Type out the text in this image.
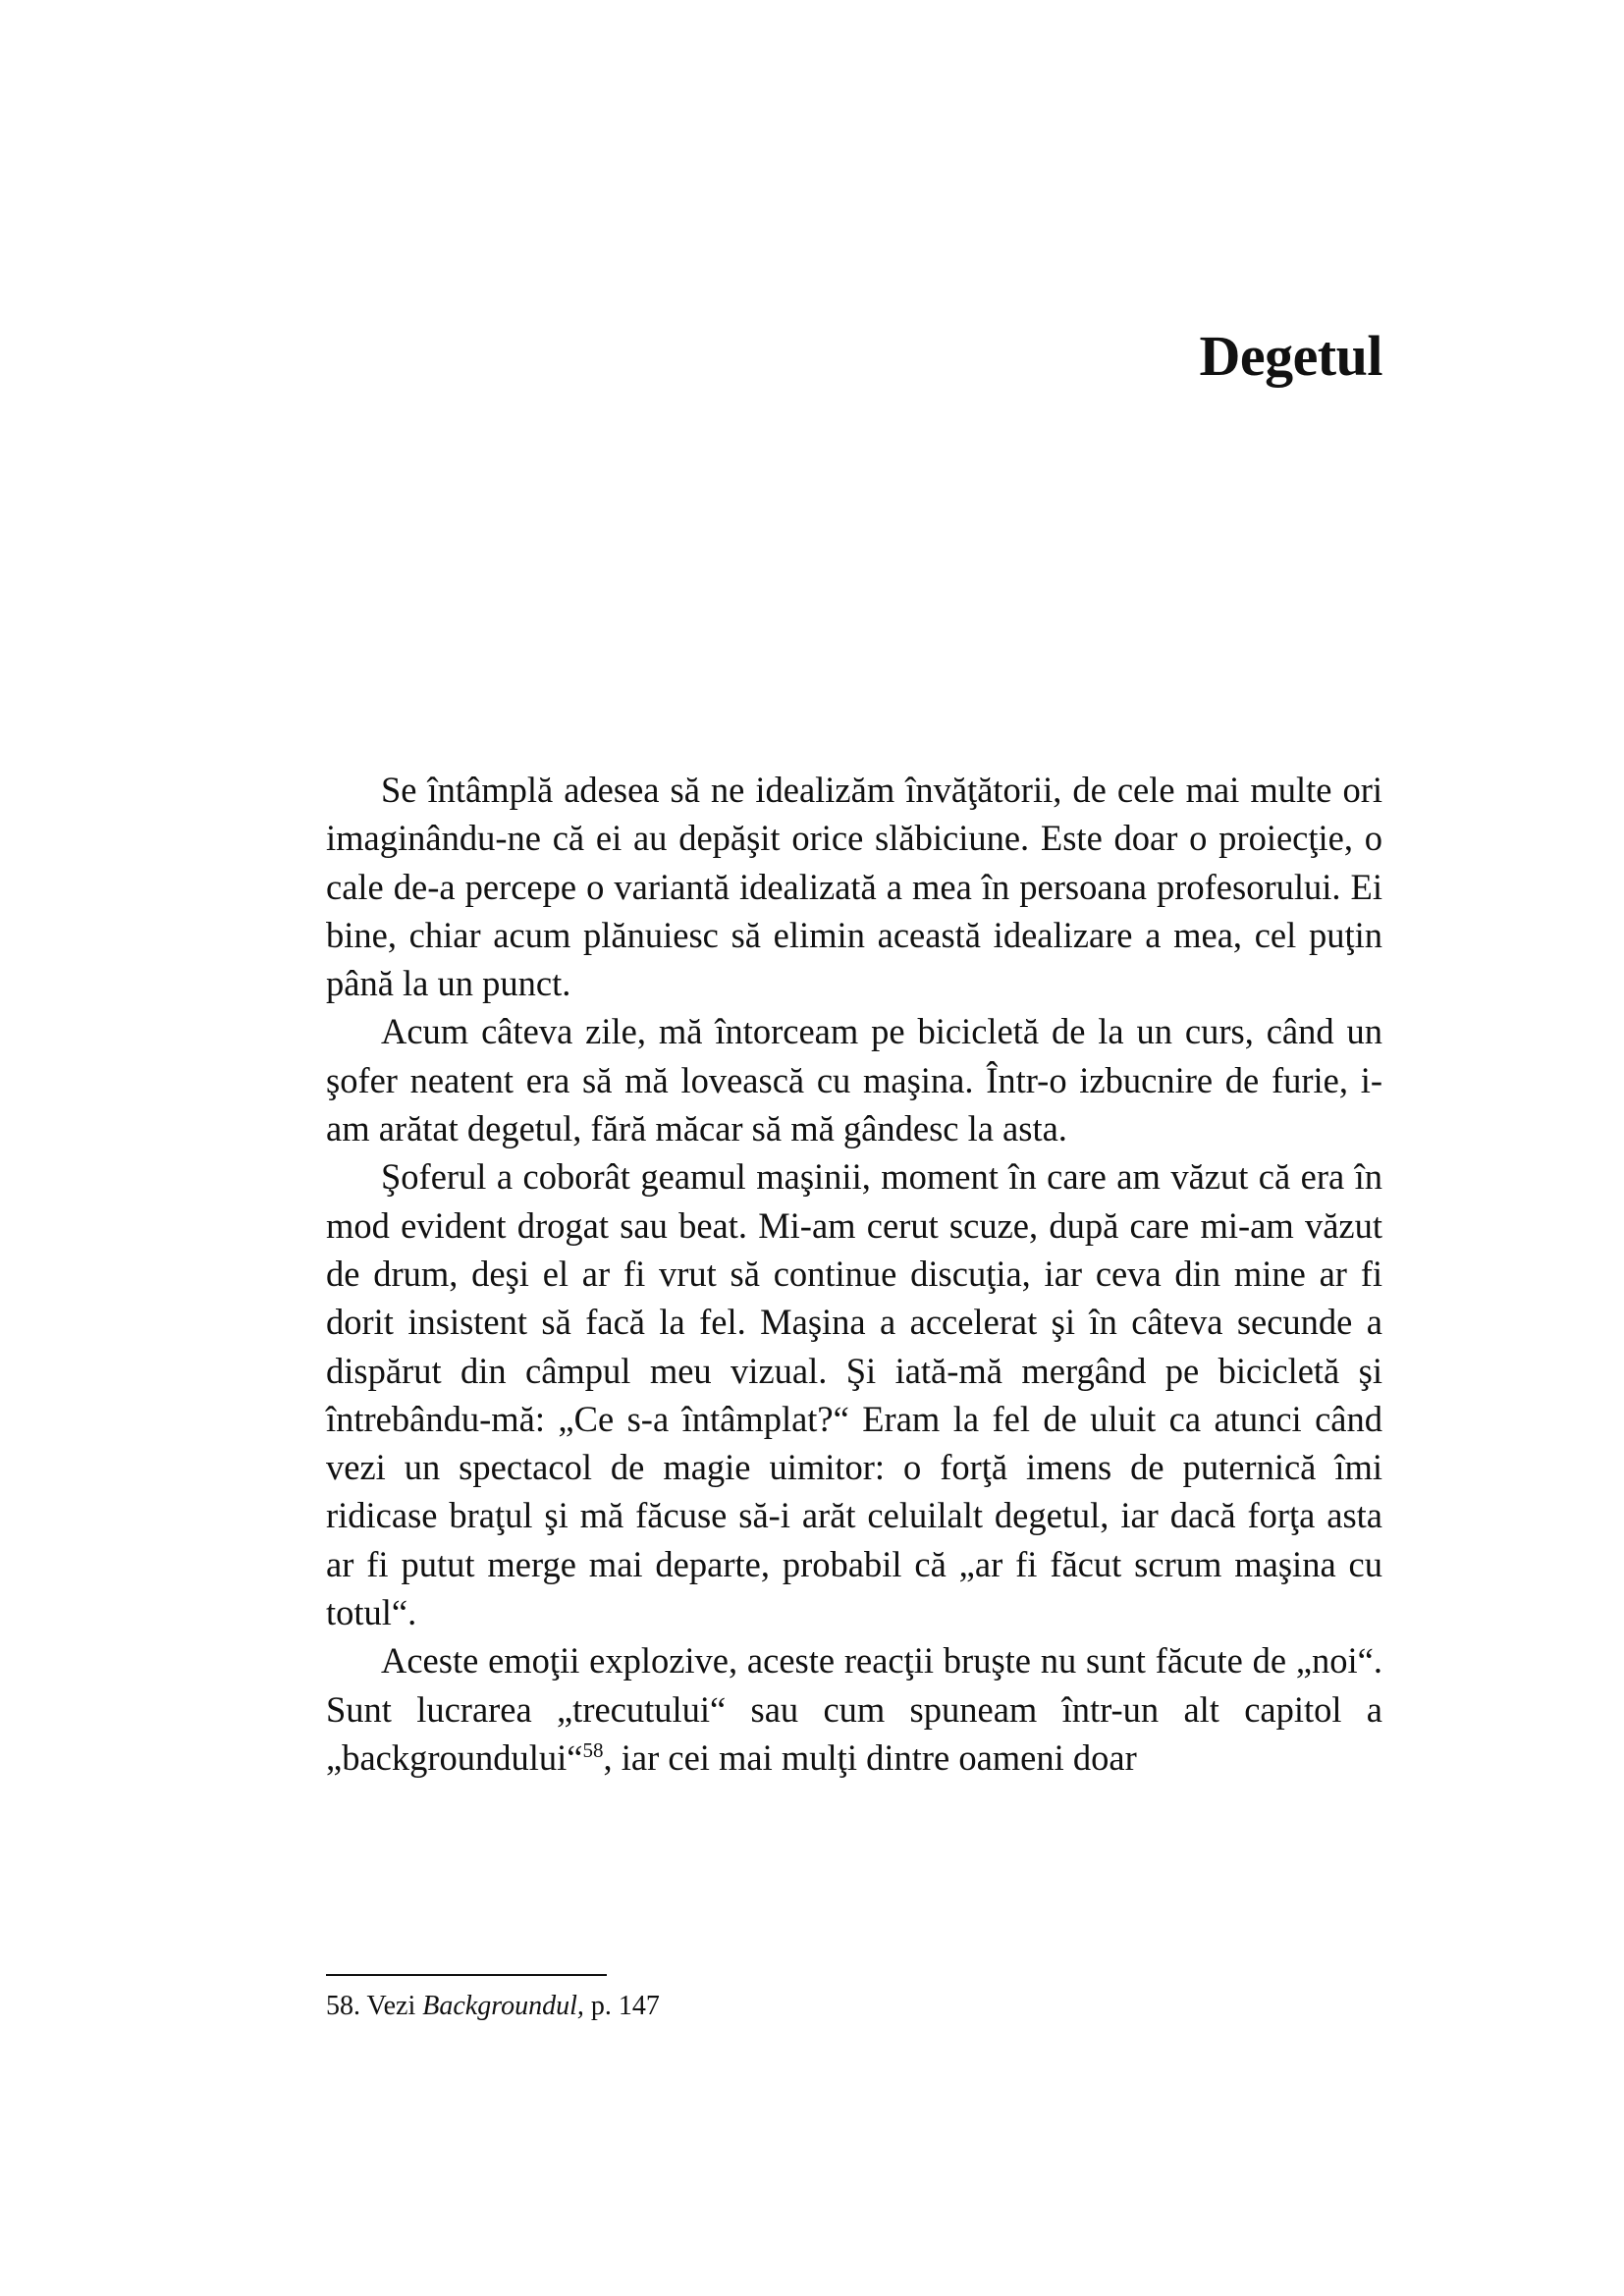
Degetul

Se întâmplă adesea să ne idealizăm învăţătorii, de cele mai multe ori imaginându-ne că ei au depăşit orice slăbiciune. Este doar o proiecţie, o cale de-a percepe o variantă idealizată a mea în persoana profesorului. Ei bine, chiar acum plănuiesc să elimin această idealizare a mea, cel puţin până la un punct.

Acum câteva zile, mă întorceam pe bicicletă de la un curs, când un şofer neatent era să mă lovească cu maşina. Într-o izbucnire de furie, i-am arătat degetul, fără măcar să mă gândesc la asta.

Şoferul a coborât geamul maşinii, moment în care am văzut că era în mod evident drogat sau beat. Mi-am cerut scuze, după care mi-am văzut de drum, deşi el ar fi vrut să continue discuţia, iar ceva din mine ar fi dorit insistent să facă la fel. Maşina a accelerat şi în câteva secunde a dispărut din câmpul meu vizual. Şi iată-mă mergând pe bicicletă şi întrebându-mă: „Ce s-a întâmplat?“ Eram la fel de uluit ca atunci când vezi un spectacol de magie uimitor: o forţă imens de puternică îmi ridicase braţul şi mă făcuse să-i arăt celuilalt degetul, iar dacă forţa asta ar fi putut merge mai departe, probabil că „ar fi făcut scrum maşina cu totul“.

Aceste emoţii explozive, aceste reacţii bruşte nu sunt făcute de „noi“. Sunt lucrarea „trecutului“ sau cum spuneam într-un alt capitol a „backgroundului“$^{58}$, iar cei mai mulţi dintre oameni doar

58. Vezi Backgroundul, p. 147
